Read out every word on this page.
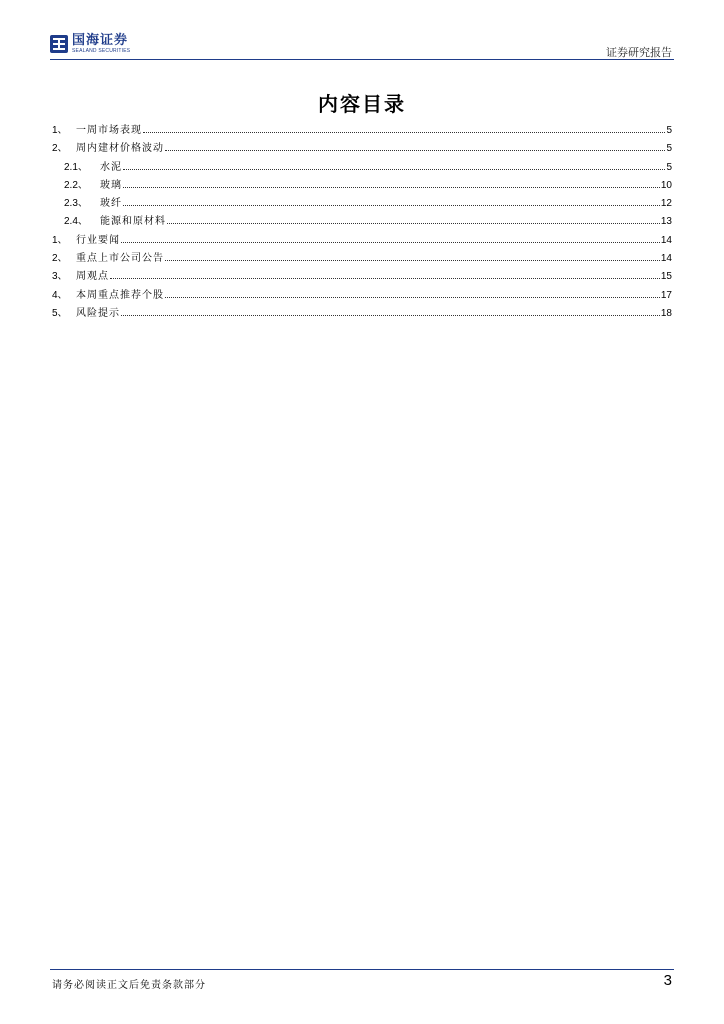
国海证券
SEALAND SECURITIES	证券研究报告
内容目录
1、 一周市场表现	5
2、 周内建材价格波动	5
2.1、	水泥	5
2.2、	玻璃	10
2.3、	玻纤	12
2.4、	能源和原材料	13
1、 行业要闻	14
2、 重点上市公司公告	14
3、 周观点	15
4、 本周重点推荐个股	17
5、 风险提示	18
请务必阅读正文后免责条款部分	3
